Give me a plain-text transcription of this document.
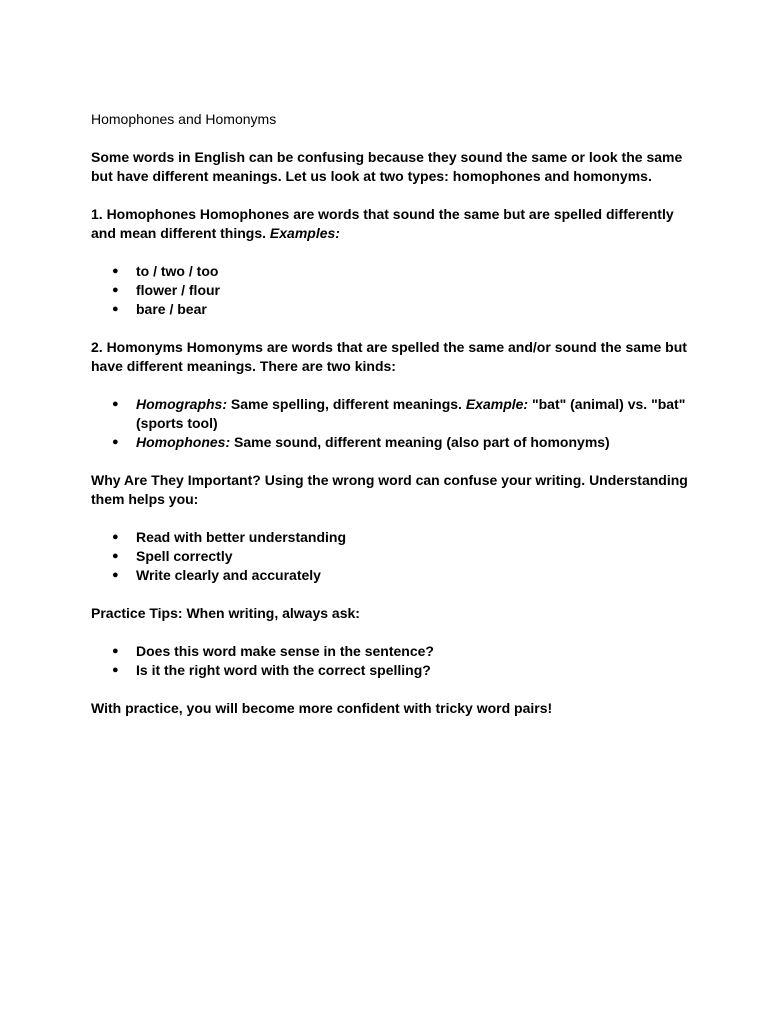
Homophones and Homonyms

Some words in English can be confusing because they sound the same or look the same but have different meanings. Let us look at two types: homophones and homonyms.

1. Homophones Homophones are words that sound the same but are spelled differently and mean different things. Examples:

● to / two / too
● flower / flour
● bare / bear

2. Homonyms Homonyms are words that are spelled the same and/or sound the same but have different meanings. There are two kinds:

● Homographs: Same spelling, different meanings. Example: "bat" (animal) vs. "bat" (sports tool)
● Homophones: Same sound, different meaning (also part of homonyms)

Why Are They Important? Using the wrong word can confuse your writing. Understanding them helps you:

● Read with better understanding
● Spell correctly
● Write clearly and accurately

Practice Tips: When writing, always ask:

● Does this word make sense in the sentence?
● Is it the right word with the correct spelling?

With practice, you will become more confident with tricky word pairs!
